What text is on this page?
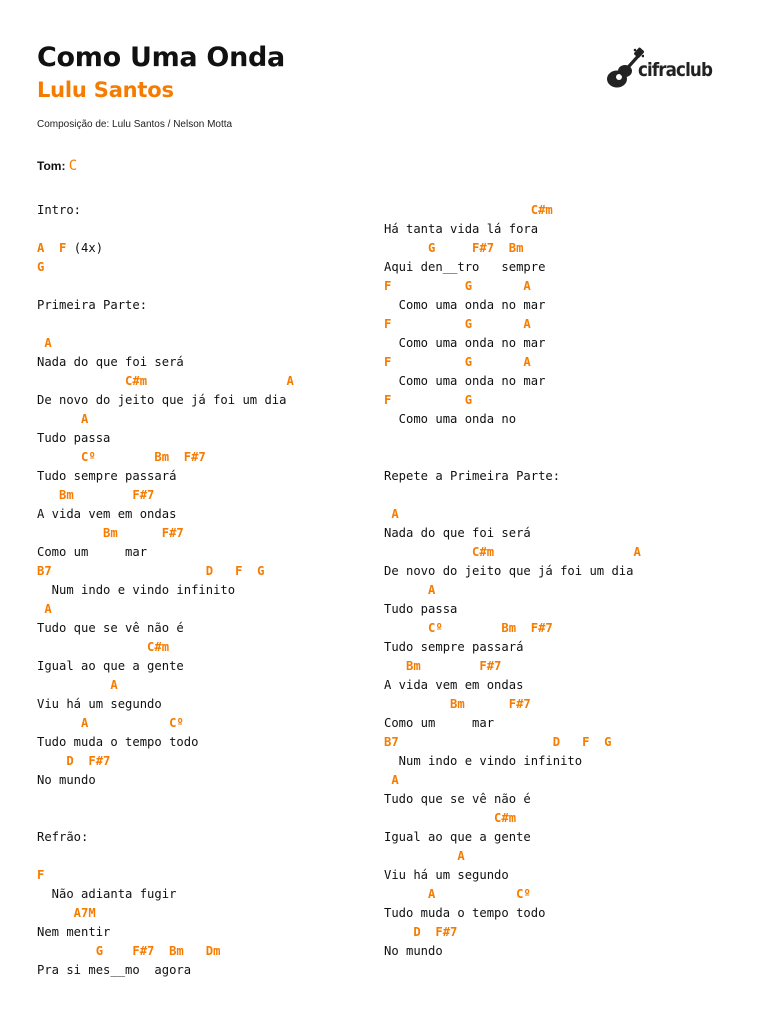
Como Uma Onda
Lulu Santos
Composição de: Lulu Santos / Nelson Motta
Tom: C
cifraclub
Intro:

A  F (4x)
G

Primeira Parte:

A
Nada do que foi será
C#m                   A
De novo do jeito que já foi um dia
A
Tudo passa
Cº        Bm  F#7
Tudo sempre passará
Bm        F#7
A vida vem em ondas
Bm      F#7
Como um     mar
B7                     D   F  G
Num indo e vindo infinito
A
Tudo que se vê não é
C#m
Igual ao que a gente
A
Viu há um segundo
A           Cº
Tudo muda o tempo todo
D  F#7
No mundo

Refrão:

F
Não adianta fugir
A7M
Nem mentir
G    F#7  Bm   Dm
Pra si mes__mo  agora
C#m
Há tanta vida lá fora
G     F#7  Bm
Aqui den__tro   sempre
F          G       A
Como uma onda no mar
F          G       A
Como uma onda no mar
F          G       A
Como uma onda no mar
F          G
Como uma onda no

Repete a Primeira Parte:

A
Nada do que foi será
C#m                   A
De novo do jeito que já foi um dia
A
Tudo passa
Cº        Bm  F#7
Tudo sempre passará
Bm        F#7
A vida vem em ondas
Bm      F#7
Como um     mar
B7                     D   F  G
Num indo e vindo infinito
A
Tudo que se vê não é
C#m
Igual ao que a gente
A
Viu há um segundo
A           Cº
Tudo muda o tempo todo
D  F#7
No mundo
